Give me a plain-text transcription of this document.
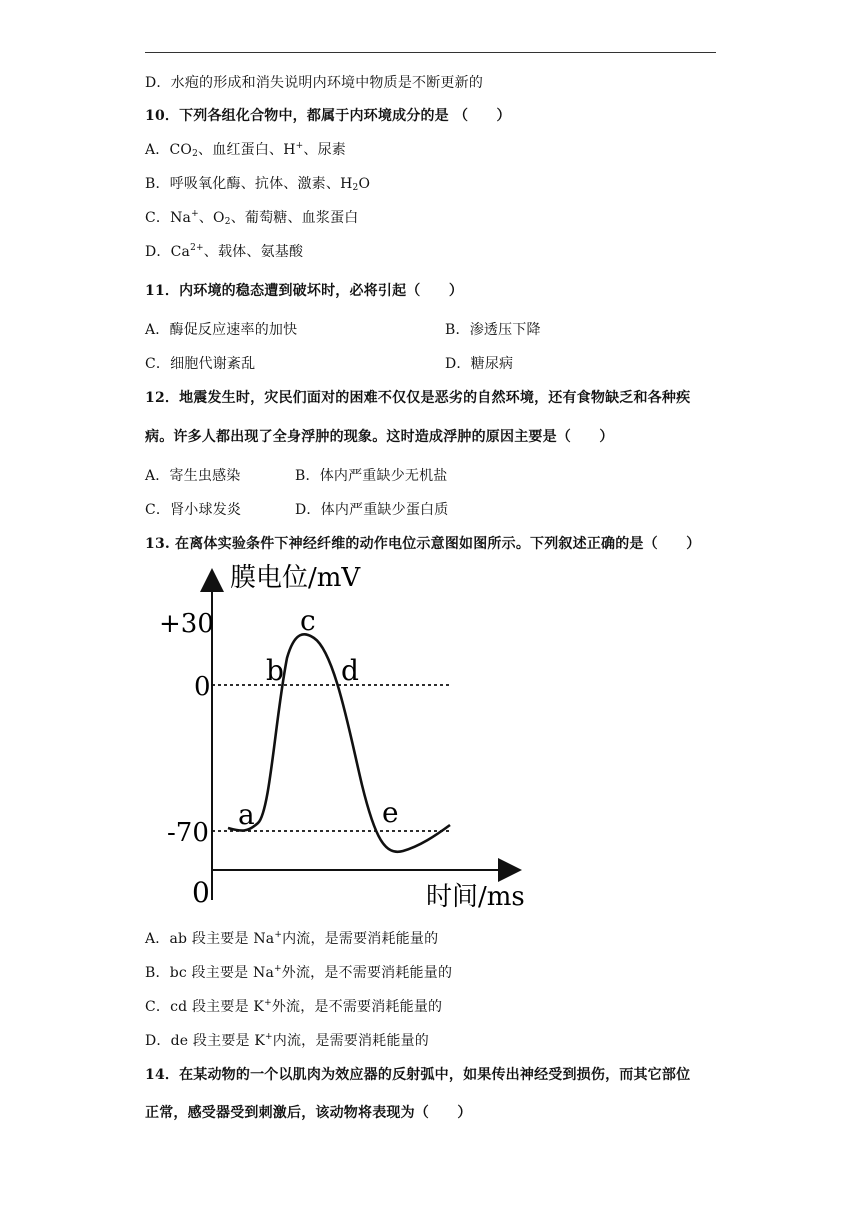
D．水疱的形成和消失说明内环境中物质是不断更新的
10．下列各组化合物中，都属于内环境成分的是 （　　）
A．$CO_2$、血红蛋白、H+、尿素
B．呼吸氧化酶、抗体、激素、$H_2O$
C．Na+、$O_2$、葡萄糖、血浆蛋白
D．$Ca^{2+}$、载体、氨基酸
11．内环境的稳态遭到破坏时，必将引起（　　）
A．酶促反应速率的加快	B．渗透压下降
C．细胞代谢紊乱	D．糖尿病
12．地震发生时，灾民们面对的困难不仅仅是恶劣的自然环境，还有食物缺乏和各种疾
病。许多人都出现了全身浮肿的现象。这时造成浮肿的原因主要是（　　）
A．寄生虫感染	B．体内严重缺少无机盐
C．肾小球发炎	D．体内严重缺少蛋白质
13. 在离体实验条件下神经纤维的动作电位示意图如图所示。下列叙述正确的是（　　）
膜电位/mV
+30
0
-70
0	时间/ms
a
b
c
d
e
A．ab 段主要是 Na+内流，是需要消耗能量的
B．bc 段主要是 Na+外流，是不需要消耗能量的
C．cd 段主要是 K+外流，是不需要消耗能量的
D．de 段主要是 K+内流，是需要消耗能量的
14．在某动物的一个以肌肉为效应器的反射弧中，如果传出神经受到损伤，而其它部位
正常，感受器受到刺激后，该动物将表现为（　　）
